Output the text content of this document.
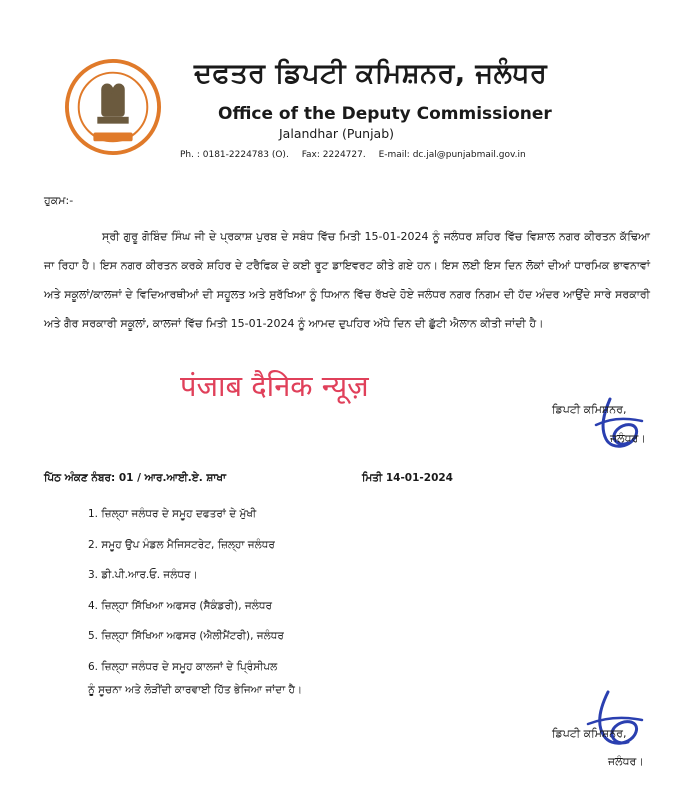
ਦਫਤਰ ਡਿਪਟੀ ਕਮਿਸ਼ਨਰ, ਜਲੰਧਰ
Office of the Deputy Commissioner
Jalandhar (Punjab)
Ph. : 0181-2224783 (O). Fax: 2224727. E-mail: dc.jal@punjabmail.gov.in
ਹੁਕਮ:-
ਸ੍ਰੀ ਗੁਰੂ ਗੋਬਿੰਦ ਸਿੰਘ ਜੀ ਦੇ ਪ੍ਰਕਾਸ਼ ਪੁਰਬ ਦੇ ਸਬੰਧ ਵਿੱਚ ਮਿਤੀ 15-01-2024 ਨੂੰ ਜਲੰਧਰ ਸ਼ਹਿਰ ਵਿੱਚ ਵਿਸ਼ਾਲ ਨਗਰ ਕੀਰਤਨ ਕੱਢਿਆ ਜਾ ਰਿਹਾ ਹੈ। ਇਸ ਨਗਰ ਕੀਰਤਨ ਕਰਕੇ ਸ਼ਹਿਰ ਦੇ ਟਰੈਫਿਕ ਦੇ ਕਈ ਰੂਟ ਡਾਇਵਰਟ ਕੀਤੇ ਗਏ ਹਨ। ਇਸ ਲਈ ਇਸ ਦਿਨ ਲੋਕਾਂ ਦੀਆਂ ਧਾਰਮਿਕ ਭਾਵਨਾਵਾਂ ਅਤੇ ਸਕੂਲਾਂ/ਕਾਲਜਾਂ ਦੇ ਵਿਦਿਆਰਥੀਆਂ ਦੀ ਸਹੂਲਤ ਅਤੇ ਸੁਰੱਖਿਆ ਨੂੰ ਧਿਆਨ ਵਿੱਚ ਰੱਖਦੇ ਹੋਏ ਜਲੰਧਰ ਨਗਰ ਨਿਗਮ ਦੀ ਹੱਦ ਅੰਦਰ ਆਉਂਦੇ ਸਾਰੇ ਸਰਕਾਰੀ ਅਤੇ ਗੈਰ ਸਰਕਾਰੀ ਸਕੂਲਾਂ, ਕਾਲਜਾਂ ਵਿੱਚ ਮਿਤੀ 15-01-2024 ਨੂੰ ਆਮਦ ਦੁਪਹਿਰ ਅੱਧੇ ਦਿਨ ਦੀ ਛੁੱਟੀ ਐਲਾਨ ਕੀਤੀ ਜਾਂਦੀ ਹੈ।
पंजाब दैनिक न्यूज़
ਡਿਪਟੀ ਕਮਿਸ਼ਨਰ,
ਜਲੰਧਰ।
ਪਿੱਠ ਅੰਕਣ ਨੰਬਰ: 01 / ਆਰ.ਆਈ.ਏ. ਸ਼ਾਖਾ	ਮਿਤੀ 14-01-2024
1. ਜ਼ਿਲ੍ਹਾ ਜਲੰਧਰ ਦੇ ਸਮੂਹ ਦਫਤਰਾਂ ਦੇ ਮੁੱਖੀ
2. ਸਮੂਹ ਉਪ ਮੰਡਲ ਮੈਜਿਸਟਰੇਟ, ਜ਼ਿਲ੍ਹਾ ਜਲੰਧਰ
3. ਡੀ.ਪੀ.ਆਰ.ਓ. ਜਲੰਧਰ।
4. ਜ਼ਿਲ੍ਹਾ ਸਿੱਖਿਆ ਅਫਸਰ (ਸੈਕੰਡਰੀ), ਜਲੰਧਰ
5. ਜ਼ਿਲ੍ਹਾ ਸਿੱਖਿਆ ਅਫਸਰ (ਐਲੀਮੈਂਟਰੀ), ਜਲੰਧਰ
6. ਜ਼ਿਲ੍ਹਾ ਜਲੰਧਰ ਦੇ ਸਮੂਹ ਕਾਲਜਾਂ ਦੇ ਪ੍ਰਿੰਸੀਪਲ
ਨੂੰ ਸੂਚਨਾ ਅਤੇ ਲੋੜੀਂਦੀ ਕਾਰਵਾਈ ਹਿੱਤ ਭੇਜਿਆ ਜਾਂਦਾ ਹੈ।
ਡਿਪਟੀ ਕਮਿਸ਼ਨਰ,
ਜਲੰਧਰ।
